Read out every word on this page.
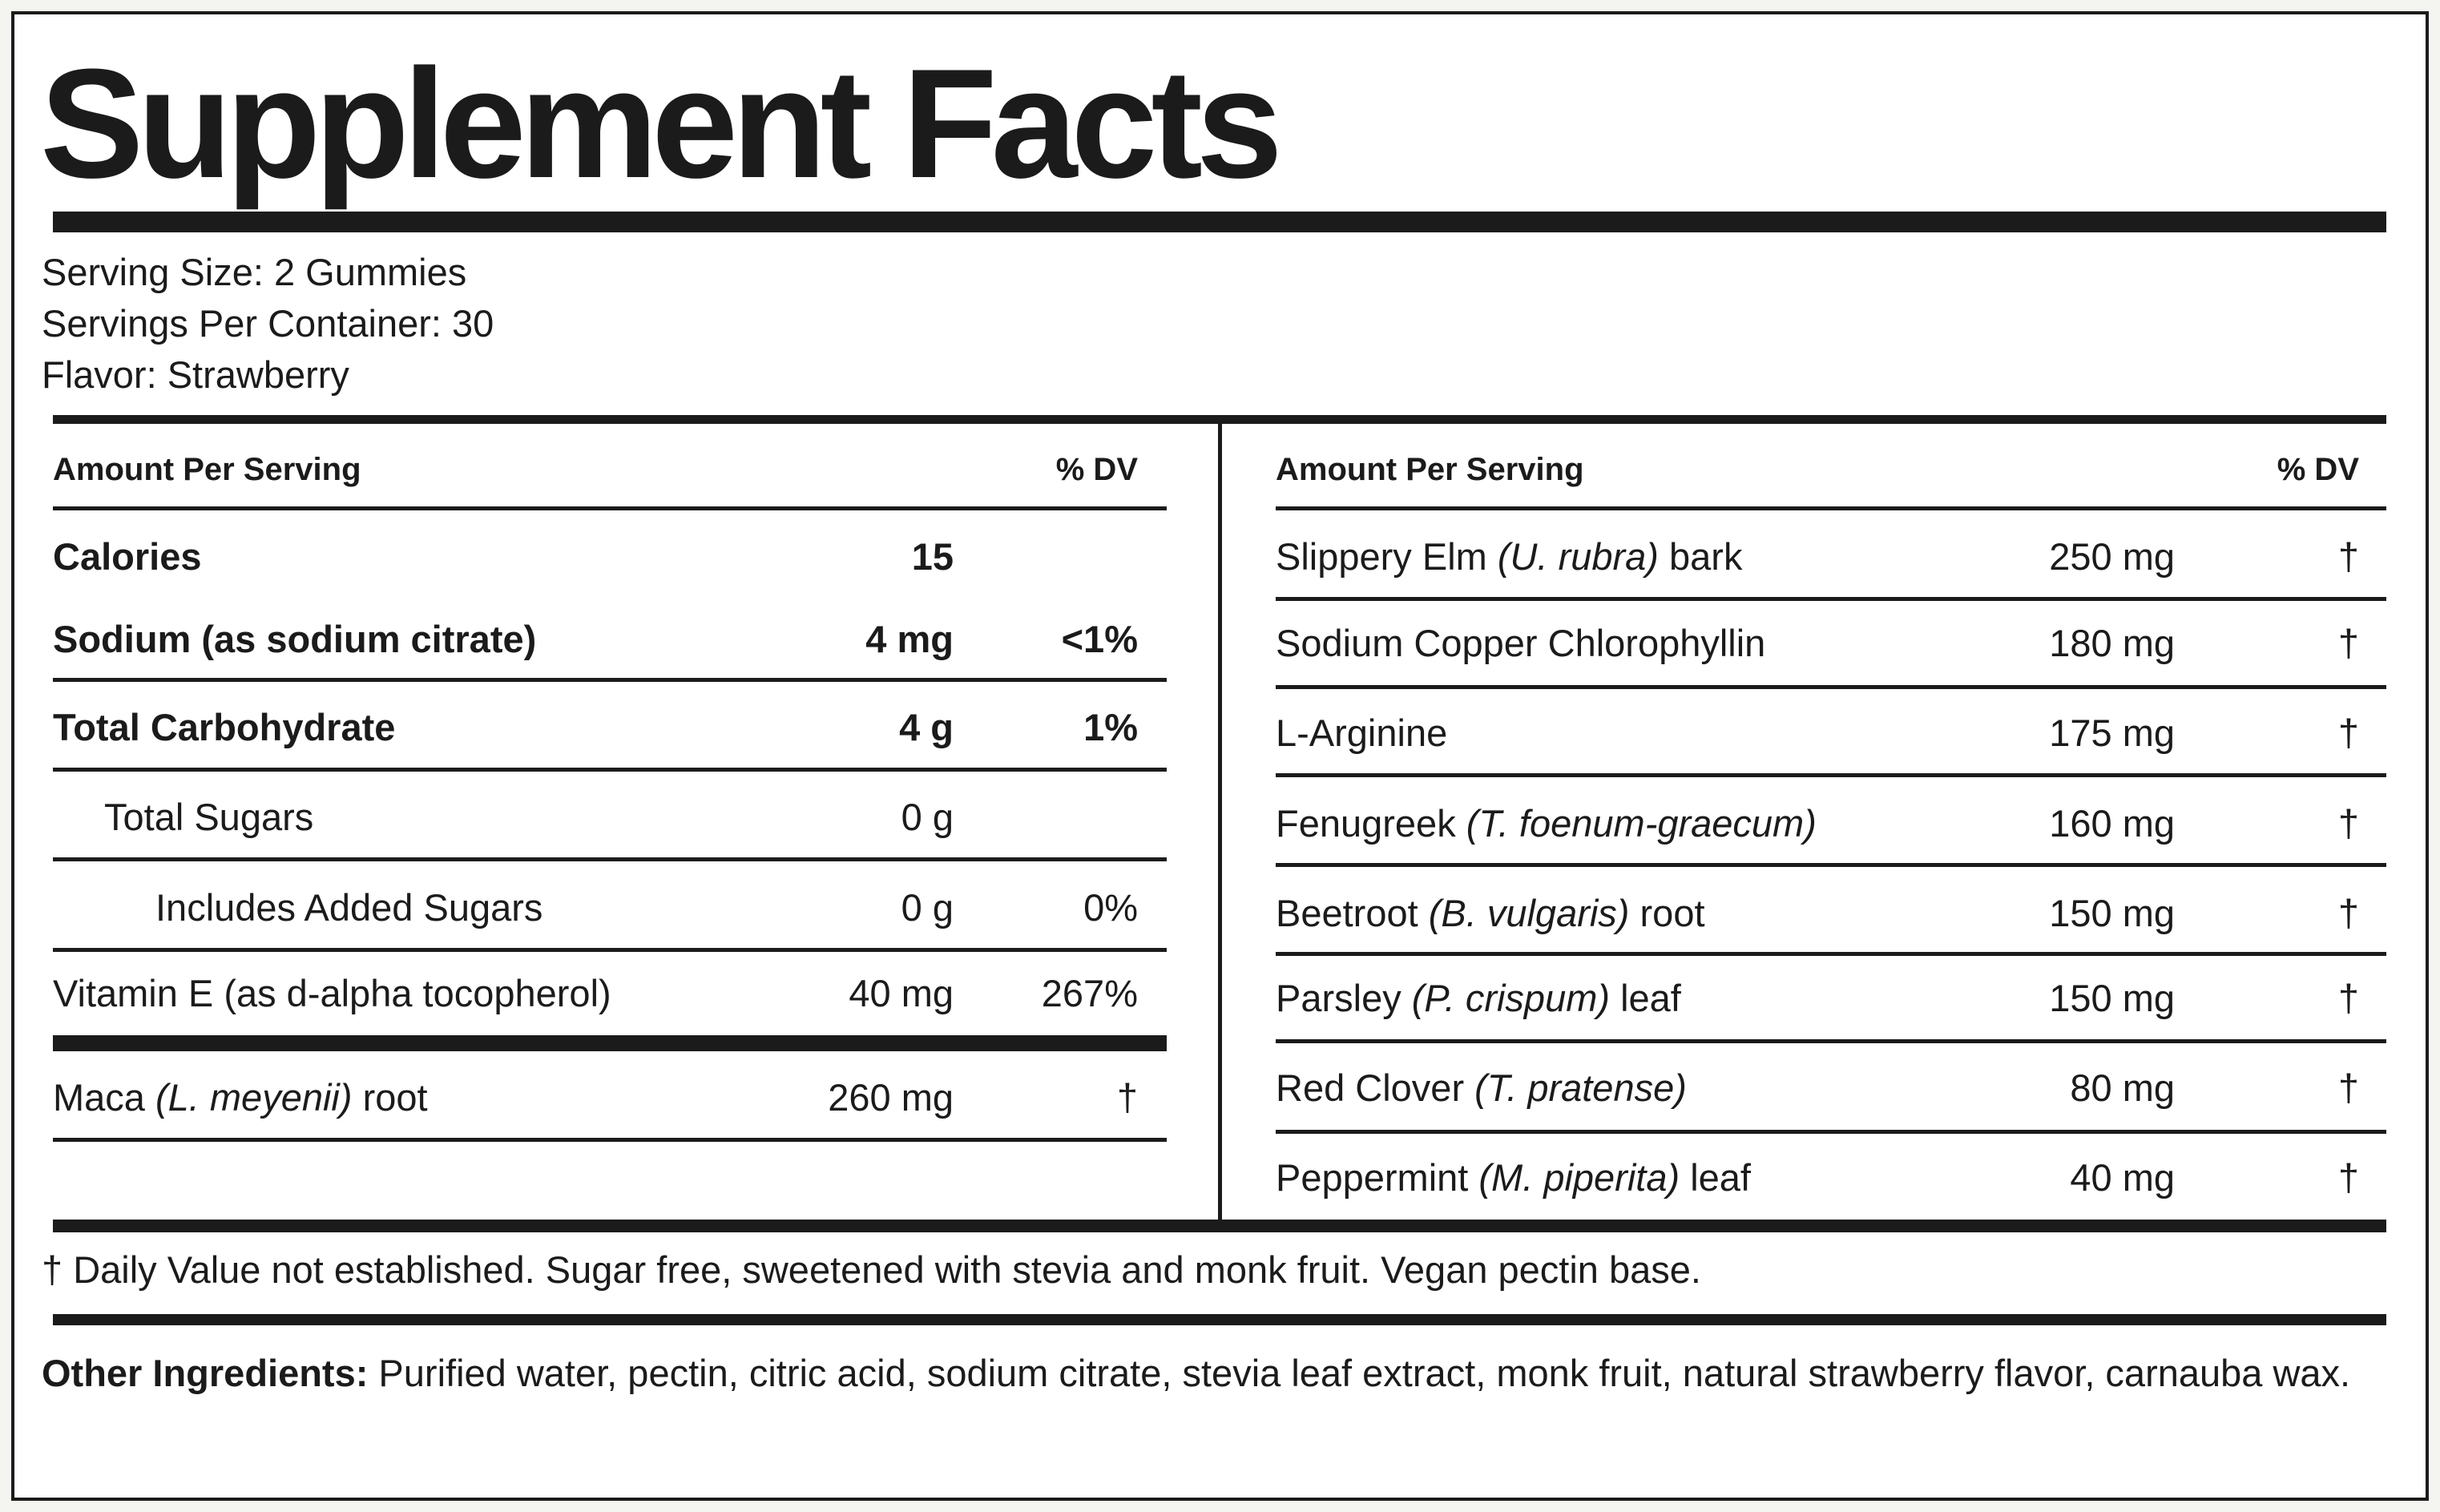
Supplement Facts
Serving Size: 2 Gummies
Servings Per Container: 30
Flavor: Strawberry
Amount Per Serving	% DV
Calories	15
Sodium (as sodium citrate)	4 mg	<1%
Total Carbohydrate	4 g	1%
Total Sugars	0 g
Includes Added Sugars	0 g	0%
Vitamin E (as d-alpha tocopherol)	40 mg 267%
Maca (L. meyenii) root	260 mg	†
Amount Per Serving	% DV
Slippery Elm (U. rubra) bark	250 mg	†
Sodium Copper Chlorophyllin	180 mg	†
L-Arginine	175 mg	†
Fenugreek (T. foenum-graecum)	160 mg	†
Beetroot (B. vulgaris) root	150 mg	†
Parsley (P. crispum) leaf	150 mg	†
Red Clover (T. pratense)	80 mg	†
Peppermint (M. piperita) leaf	40 mg	†
† Daily Value not established. Sugar free, sweetened with stevia and monk fruit. Vegan pectin base.
Other Ingredients: Purified water, pectin, citric acid, sodium citrate, stevia leaf extract, monk fruit, natural strawberry flavor, carnauba wax.
